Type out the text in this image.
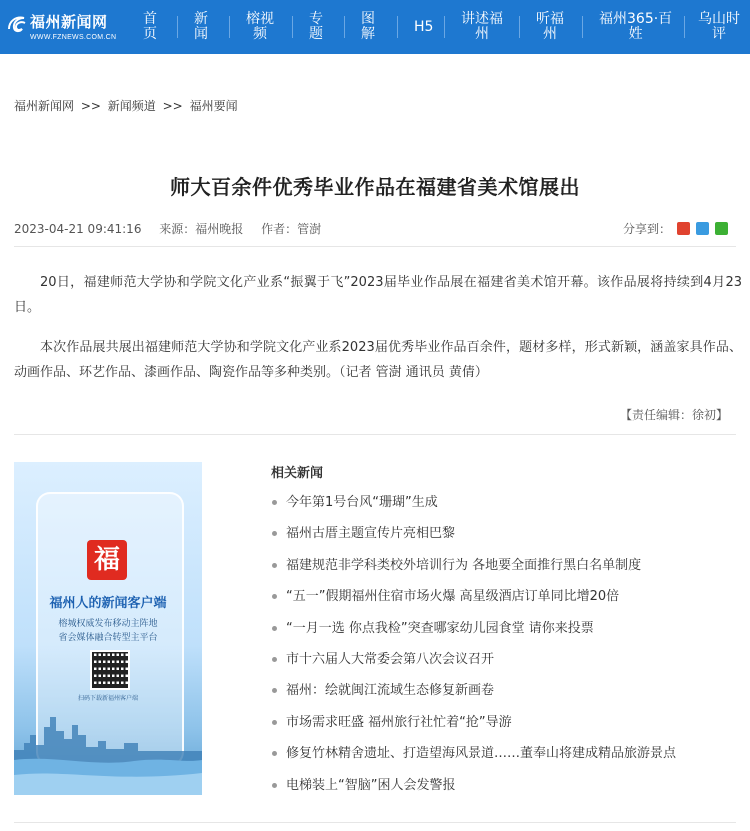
福州新闻网
WWW.FZNEWS.COM.CN
首
页
新
闻
榕视
频
专
题
图
解	H5 讲述福
州
听福
州
福州365·百
姓
乌山时
评
福州新闻网 >> 新闻频道 >> 福州要闻
师大百余件优秀毕业作品在福建省美术馆展出
2023-04-21 09:41:16 来源：福州晚报 作者：管澍	分享到：

20日，福建师范大学协和学院文化产业系“振翼于飞”2023届毕业作品展在福建省美术馆开幕。该作品展将持续到4月23日。

本次作品展共展出福建师范大学协和学院文化产业系2023届优秀毕业作品百余件，题材多样，形式新颖，涵盖家具作品、动画作品、环艺作品、漆画作品、陶瓷作品等多种类别。（记者 管澍 通讯员 黄倩）

【责任编辑：徐初】
福
福州人的新闻客户端
榕城权威发布移动主阵地
省会媒体融合转型主平台
扫码下载新福州客户端
相关新闻
今年第1号台风“珊瑚”生成
福州古厝主题宣传片亮相巴黎
福建规范非学科类校外培训行为 各地要全面推行黑白名单制度
“五一”假期福州住宿市场火爆 高星级酒店订单同比增20倍
“一月一选 你点我检”突查哪家幼儿园食堂 请你来投票
市十六届人大常委会第八次会议召开
福州：绘就闽江流域生态修复新画卷
市场需求旺盛 福州旅行社忙着“抢”导游
修复竹林精舍遗址、打造望海风景道……董奉山将建成精品旅游景点
电梯装上“智脑”困人会发警报
